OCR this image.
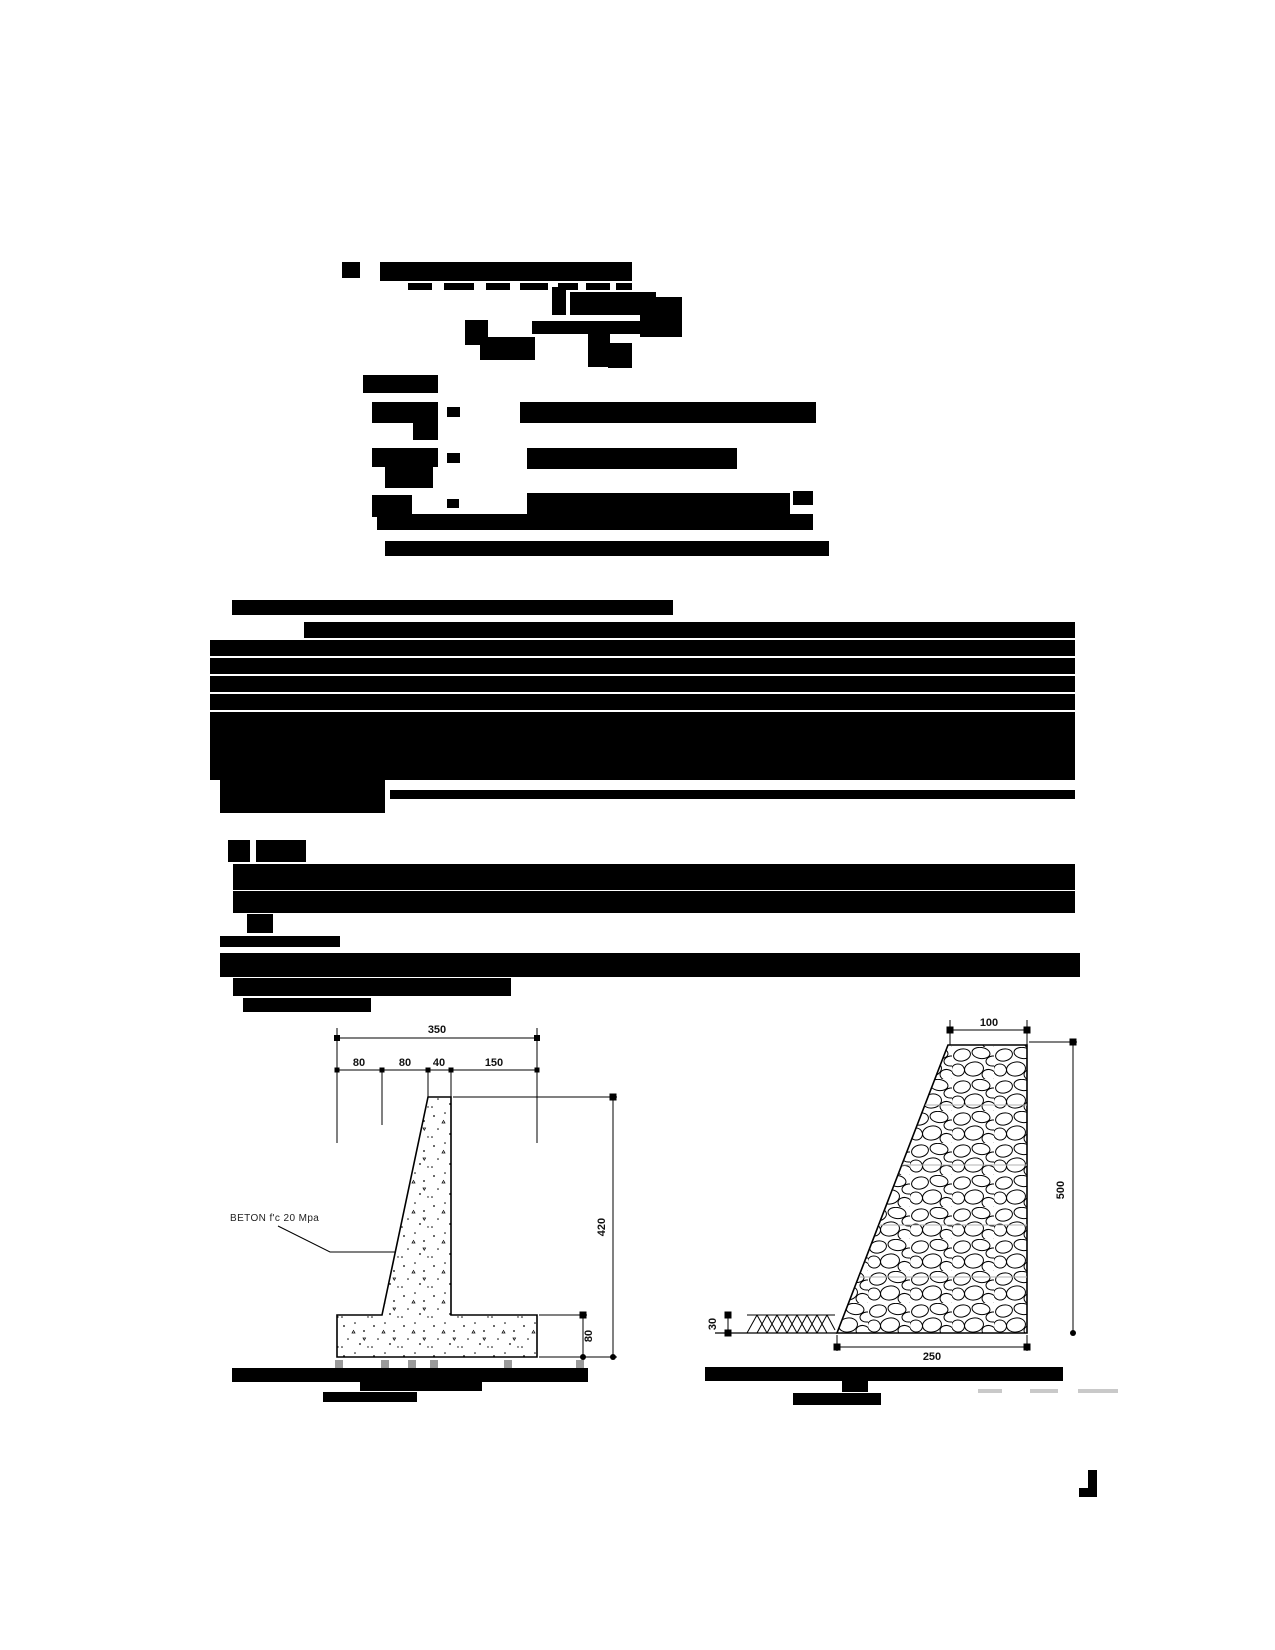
350
80	80 40	150
420
80
BETON f'c 20 Mpa
100
500
30
250
